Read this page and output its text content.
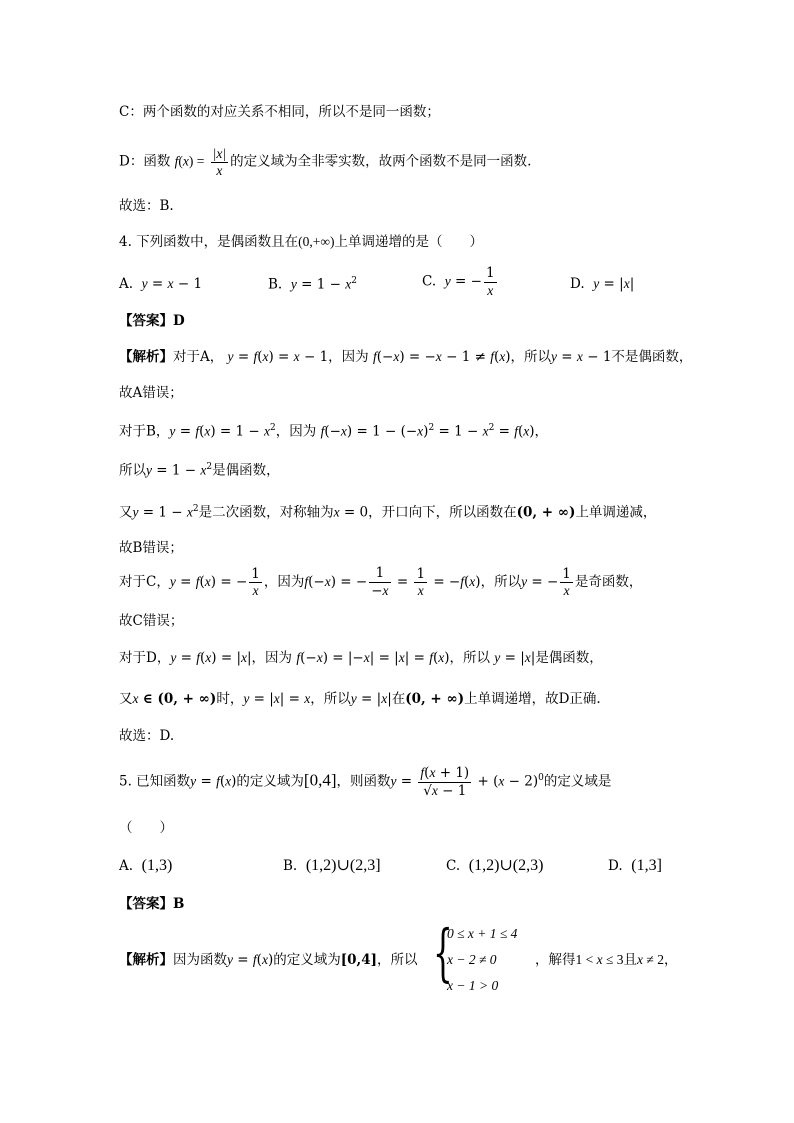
C：两个函数的对应关系不相同，所以不是同一函数；
D：函数 $f(x) = \frac{|x|}{x}$ 的定义域为全非零实数，故两个函数不是同一函数.
故选：B.
4. 下列函数中，是偶函数且在(0,+∞)上单调递增的是（　　）
A. y = x − 1	B. $y = 1 - x^2$	C. y = − $\frac{1}{x}$	D. y = |x|
【答案】D
【解析】对于A， y = f(x) = x − 1，因为 f(−x) = −x − 1 ≠ f(x)，所以y = x − 1不是偶函数，
故A错误；
对于B，$y = f(x) = 1 - x^2$，因为 $f(-x) = 1 - (-x)^2 = 1 - x^2 = f(x)$，
所以$y = 1 - x^2$是偶函数，
又$y = 1 - x^2$是二次函数，对称轴为x = 0，开口向下，所以函数在(0, + ∞)上单调递减，
故B错误；
对于C，y = f(x) = − $\frac{1}{x}$ ，因为f(−x) = − $\frac{1}{-x} = \frac{1}{x} = -f(x)$，所以y = − $\frac{1}{x}$ 是奇函数，
故C错误；
对于D，y = f(x) = |x|，因为 f(−x) = |−x| = |x| = f(x)，所以 y = |x|是偶函数，
又x ∈ (0, + ∞)时，y = |x| = x，所以y = |x|在(0, + ∞)上单调递增，故D正确.
故选：D.
5. 已知函数y = f(x)的定义域为[0,4]，则函数$y = \frac{f(x + 1)}{√x - 1} + (x - 2)^0$的定义域是
（　　）
A. (1,3)	B. (1,2)∪(2,3]	C. (1,2)∪(2,3)	D. (1,3]
【答案】B
【解析】因为函数y = f(x)的定义域为[0,4]，所以 {
0 ≤ x + 1 ≤ 4
x − 2 ≠ 0
x − 1 > 0
，解得1 < x ≤ 3且x ≠ 2，
